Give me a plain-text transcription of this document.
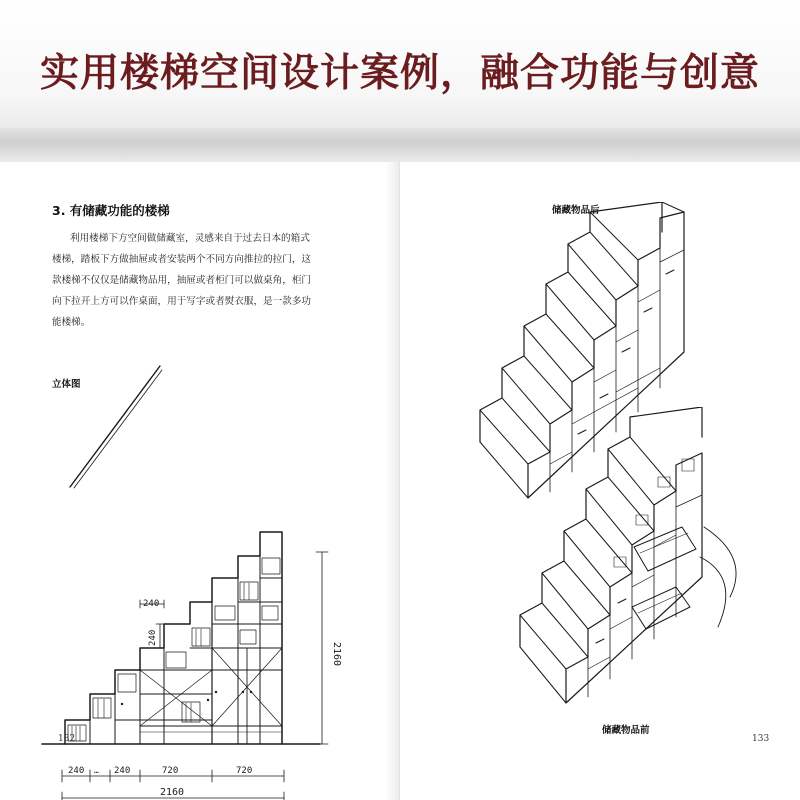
实用楼梯空间设计案例，融合功能与创意
3. 有储藏功能的楼梯
利用楼梯下方空间做储藏室，灵感来自于过去日本的箱式
楼梯，踏板下方做抽屉或者安装两个不同方向推拉的拉门，这
款楼梯不仅仅是储藏物品用，抽屉或者柜门可以做桌角，柜门
向下拉开上方可以作桌面，用于写字或者熨衣服，是一款多功
能楼梯。
立体图
240
240
2160
240 … 240	720	720
2160
132
储藏物品后
储藏物品前
133
